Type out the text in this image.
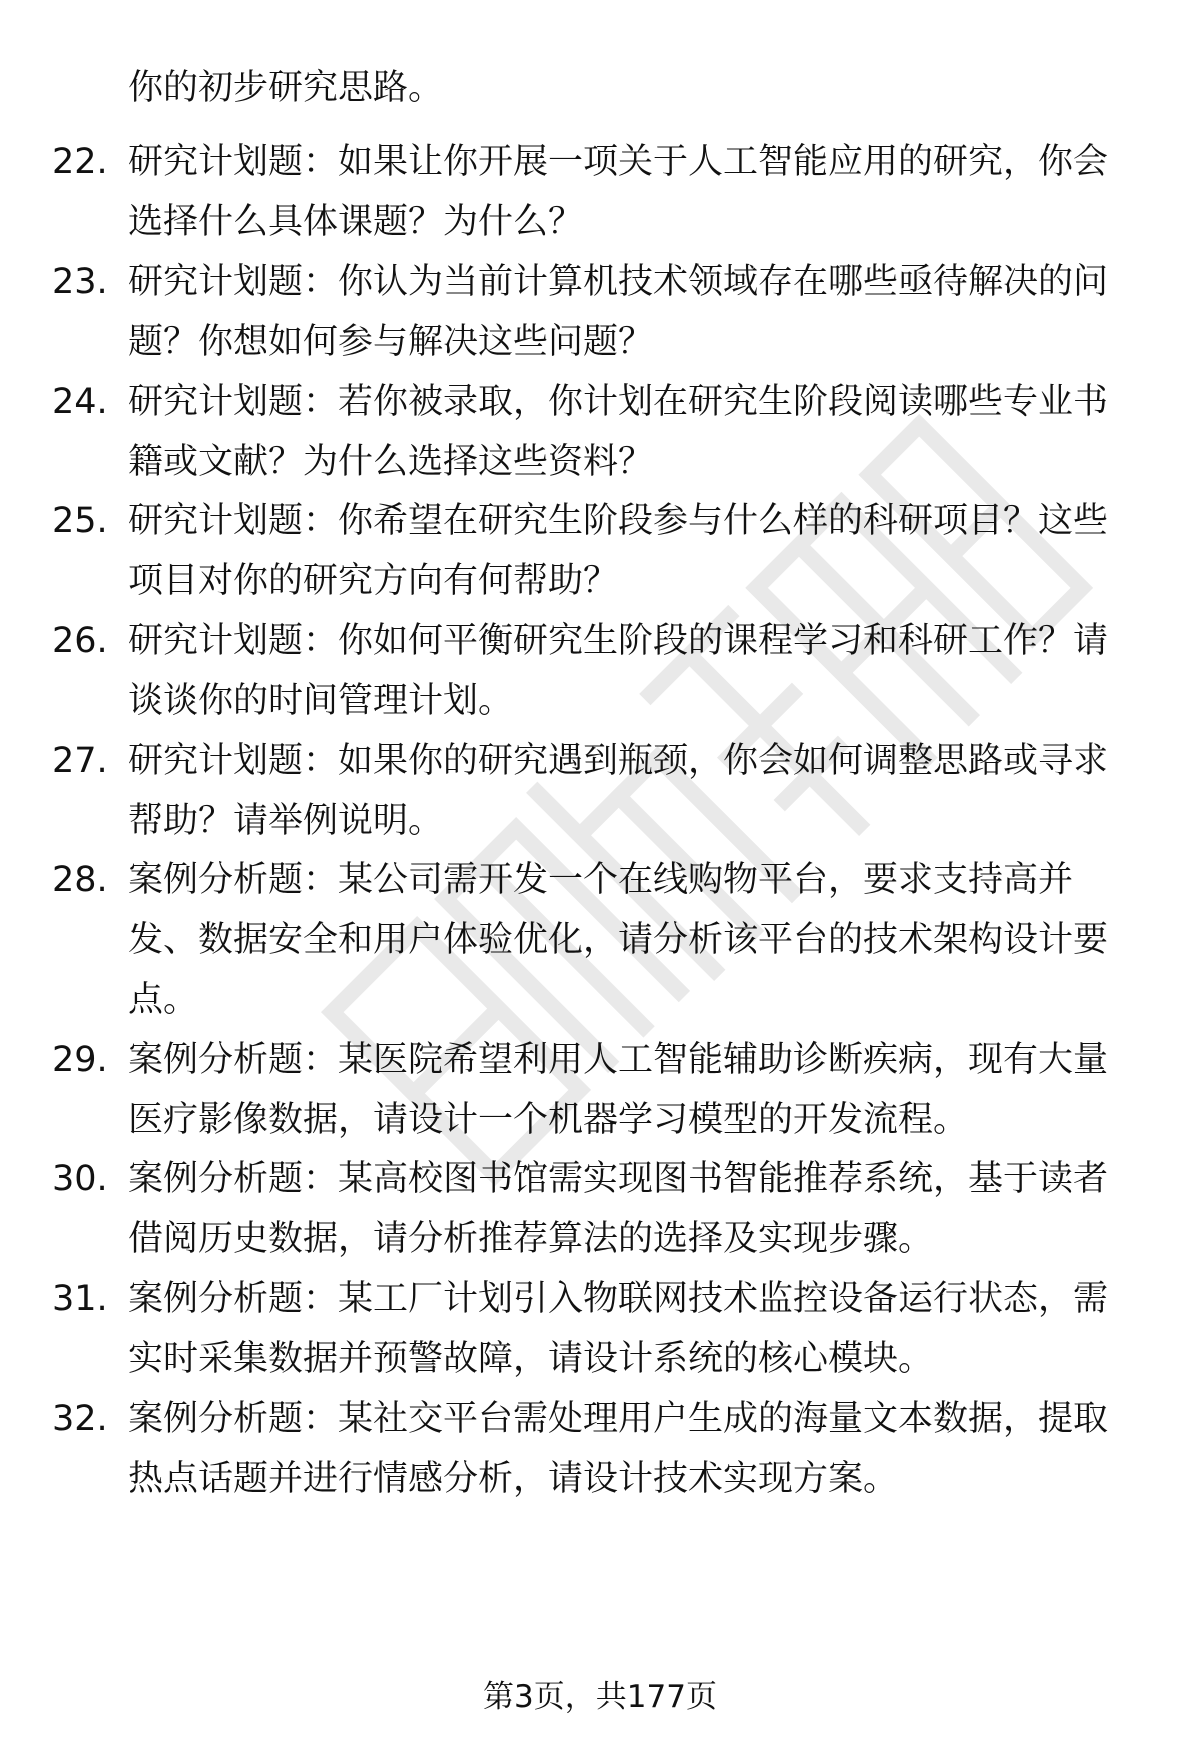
你的初步研究思路。
22. 研究计划题：如果让你开展一项关于人工智能应用的研究，你会
选择什么具体课题？为什么？
23. 研究计划题：你认为当前计算机技术领域存在哪些亟待解决的问
题？你想如何参与解决这些问题？
24. 研究计划题：若你被录取，你计划在研究生阶段阅读哪些专业书
籍或文献？为什么选择这些资料？
25. 研究计划题：你希望在研究生阶段参与什么样的科研项目？这些
项目对你的研究方向有何帮助？
26. 研究计划题：你如何平衡研究生阶段的课程学习和科研工作？请
谈谈你的时间管理计划。
27. 研究计划题：如果你的研究遇到瓶颈，你会如何调整思路或寻求
帮助？请举例说明。
28. 案例分析题：某公司需开发一个在线购物平台，要求支持高并
发、数据安全和用户体验优化，请分析该平台的技术架构设计要
点。
29. 案例分析题：某医院希望利用人工智能辅助诊断疾病，现有大量
医疗影像数据，请设计一个机器学习模型的开发流程。
30. 案例分析题：某高校图书馆需实现图书智能推荐系统，基于读者
借阅历史数据，请分析推荐算法的选择及实现步骤。
31. 案例分析题：某工厂计划引入物联网技术监控设备运行状态，需
实时采集数据并预警故障，请设计系统的核心模块。
32. 案例分析题：某社交平台需处理用户生成的海量文本数据，提取
热点话题并进行情感分析，请设计技术实现方案。
第3页，共177页
